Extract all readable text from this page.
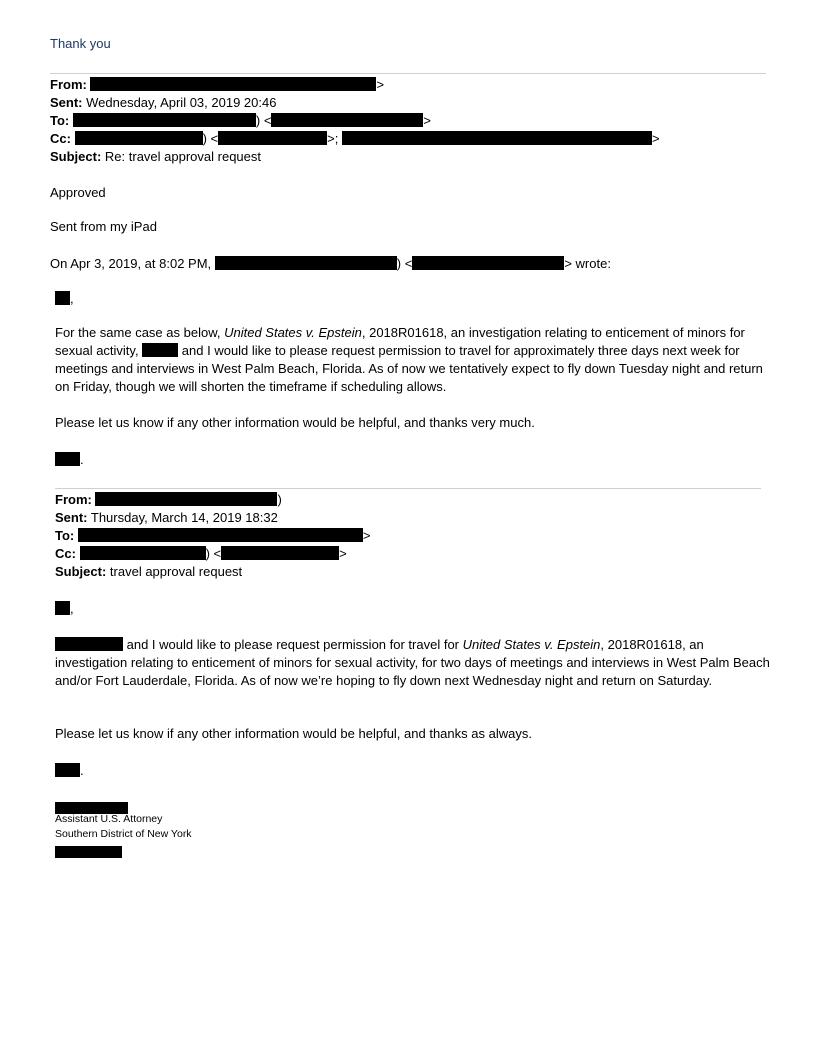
Thank you
From:	>
Sent: Wednesday, April 03, 2019 20:46
To:	) <	>
Cc:	) <	>;	>
Subject: Re: travel approval request
Approved
Sent from my iPad
On Apr 3, 2019, at 8:02 PM,	) <	> wrote:
,
For the same case as below, United States v. Epstein, 2018R01618, an investigation relating to enticement of minors for sexual activity,	and I would like to please request permission to travel for approximately three days next week for meetings and interviews in West Palm Beach, Florida. As of now we tentatively expect to fly down Tuesday night and return on Friday, though we will shorten the timeframe if scheduling allows.
Please let us know if any other information would be helpful, and thanks very much.
.
From:	)
Sent: Thursday, March 14, 2019 18:32
To:	>
Cc:	) <	>
Subject: travel approval request
,
and I would like to please request permission for travel for United States v. Epstein, 2018R01618, an investigation relating to enticement of minors for sexual activity, for two days of meetings and interviews in West Palm Beach and/or Fort Lauderdale, Florida. As of now we’re hoping to fly down next Wednesday night and return on Saturday.
Please let us know if any other information would be helpful, and thanks as always.
.
Assistant U.S. Attorney
Southern District of New York
